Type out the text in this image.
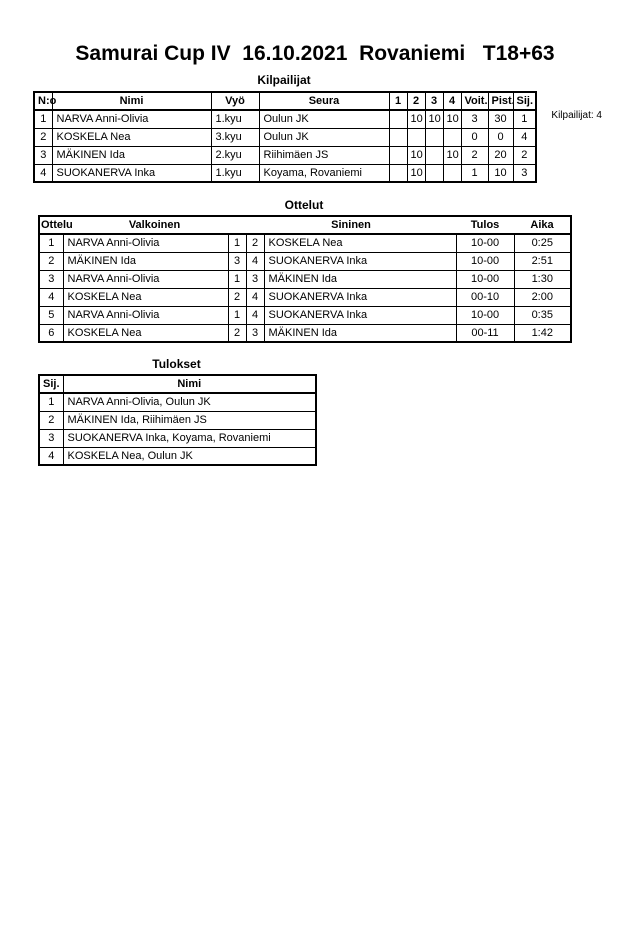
Samurai Cup IV  16.10.2021  Rovaniemi   T18+63
Kilpailijat
Kilpailijat: 4
N:o	Nimi	Vyö	Seura	1	2	3	4	Voit.	Pist.	Sij.
1	NARVA Anni-Olivia	1.kyu	Oulun JK		10	10	10	3	30	1
2	KOSKELA Nea	3.kyu	Oulun JK					0	0	4
3	MÄKINEN Ida	2.kyu	Riihimäen JS		10		10	2	20	2
4	SUOKANERVA Inka	1.kyu	Koyama, Rovaniemi		10			1	10	3
Ottelut
Ottelu	Valkoinen		Sininen		Tulos	Aika
1	NARVA Anni-Olivia	1	2	KOSKELA Nea	10-00	0:25
2	MÄKINEN Ida	3	4	SUOKANERVA Inka	10-00	2:51
3	NARVA Anni-Olivia	1	3	MÄKINEN Ida	10-00	1:30
4	KOSKELA Nea	2	4	SUOKANERVA Inka	00-10	2:00
5	NARVA Anni-Olivia	1	4	SUOKANERVA Inka	10-00	0:35
6	KOSKELA Nea	2	3	MÄKINEN Ida	00-11	1:42
Tulokset
Sij.	Nimi
1	NARVA Anni-Olivia, Oulun JK
2	MÄKINEN Ida, Riihimäen JS
3	SUOKANERVA Inka, Koyama, Rovaniemi
4	KOSKELA Nea, Oulun JK
